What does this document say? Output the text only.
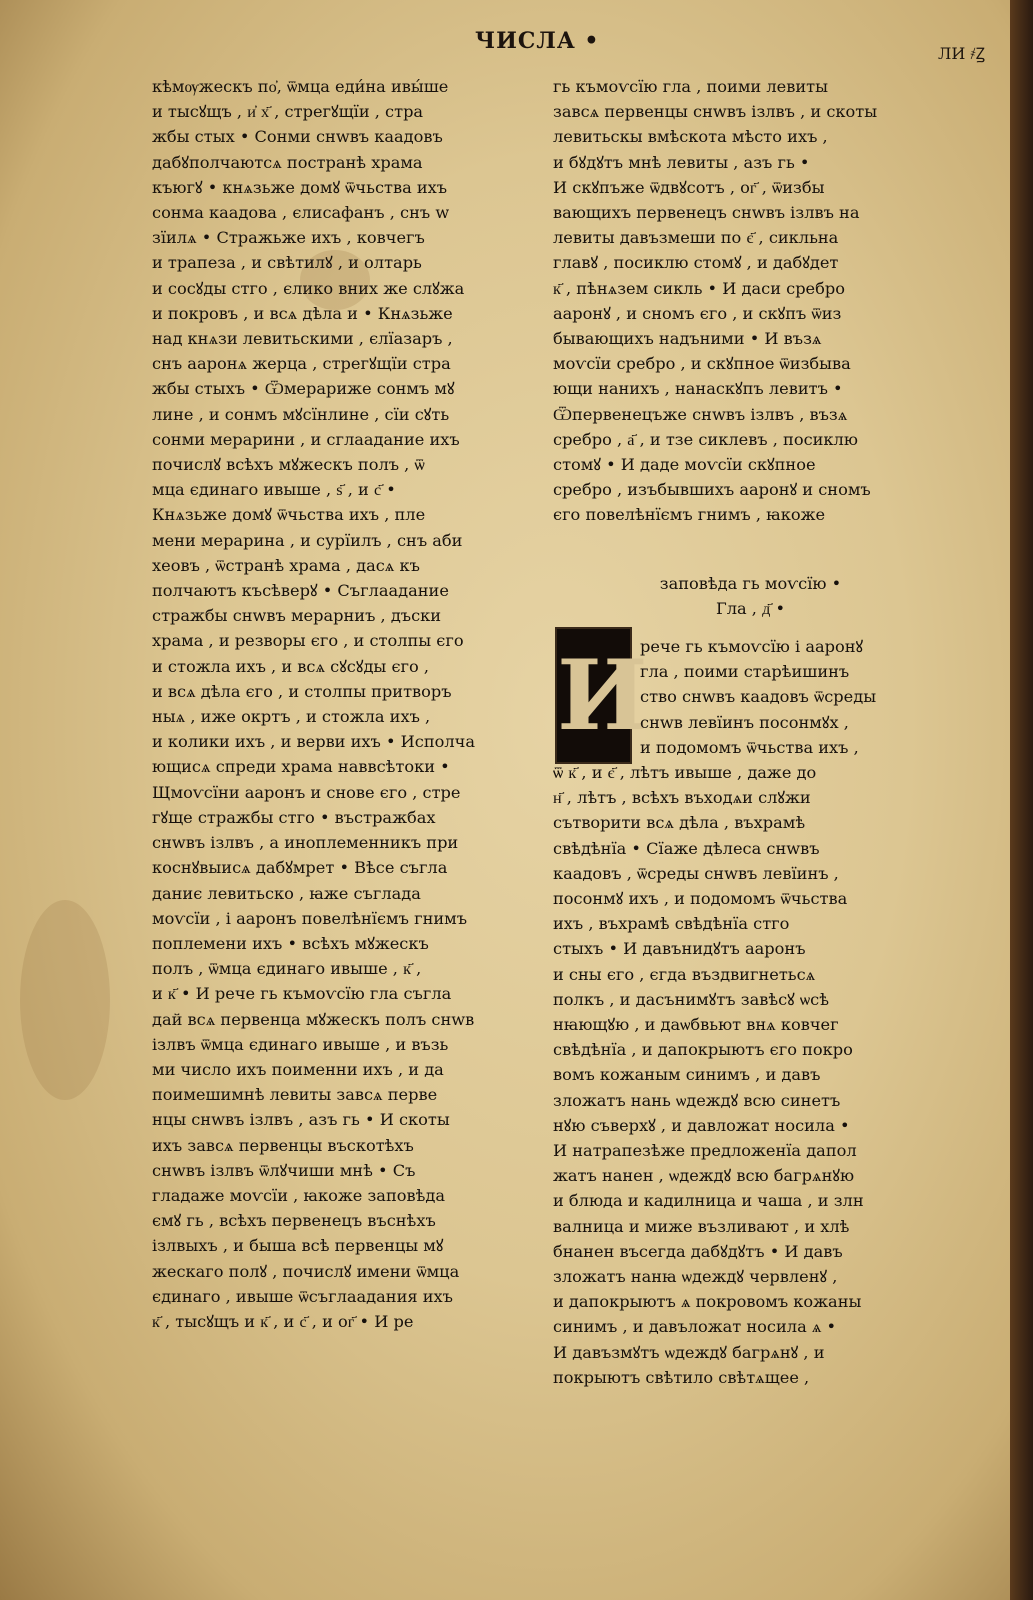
ЧИСЛА •	ЛИ ҂Ꙁ

кѣмѹжескъ по҆, ѿмца еди́на ивы́ше

и тысꙋщъ , и҆ х҃ , стрегꙋщїи , стра

жбы стых • Сонми снwвъ каадовъ

дабꙋполчаютсѧ постранѣ храма

къюгꙋ • кнѧзьже домꙋ ѿчьства ихъ

сонма каадова , єлисафанъ , снъ w

зїилѧ • Стражьже ихъ , ковчегъ

и трапеза , и свѣтилꙋ , и олтарь

и сосꙋды стго , єлико вних же слꙋжа

и покровъ , и всѧ дѣла и • Кнѧзьже

над кнѧзи левитьскими , єлїазаръ ,

снъ ааронѧ жерца , стрегꙋщїи стра

жбы стыхъ • Ѿмерариже сонмъ мꙋ

лине , и сонмъ мꙋсїнлине , сїи сꙋть

сонми мерарини , и сглаадание ихъ

почислꙋ всѣхъ мꙋжескъ полъ , ѿ

мца єдинаго ивыше , ѕ҃ , и с҃ •

Кнѧзьже домꙋ ѿчьства ихъ , пле

мени мерарина , и сурїилъ , снъ аби

хеовъ , ѿстранѣ храма , дасѧ къ

полчаютъ късѣверꙋ • Съглаадание

стражбы снwвъ мерарниъ , дъски

храма , и резворы єго , и столпы єго

и стожла ихъ , и всѧ сꙋсꙋды єго ,

и всѧ дѣла єго , и столпы притворъ

ныѧ , иже окртъ , и стожла ихъ ,

и колики ихъ , и верви ихъ • Исполча

ющисѧ спреди храма наввсѣтоки •

Щмоѵсїни ааронъ и снове єго , стре

гꙋще стражбы стго • въстражбах

снwвъ ізлвъ , а иноплеменникъ при

коснꙋвыисѧ дабꙋмрет • Вѣсе съгла

даниє левитьско , ꙗже съглада

моѵсїи , і ааронъ повелѣнїємъ гнимъ

поплемени ихъ • всѣхъ мꙋжескъ

полъ , ѿмца єдинаго ивыше , к҃ ,

и к҃ • И рече гь къмоѵсїю гла съгла

дай всѧ первенца мꙋжескъ полъ снwв

ізлвъ ѿмца єдинаго ивыше , и възь

ми число ихъ поименни ихъ , и да

поимешимнѣ левиты завсѧ перве

нцы снwвъ ізлвъ , азъ гь • И скоты

ихъ завсѧ первенцы въскотѣхъ

снwвъ ізлвъ ѿлꙋчиши мнѣ • Съ

гладаже моѵсїи , ꙗкоже заповѣда

ємꙋ гь , всѣхъ первенецъ въснѣхъ

ізлвыхъ , и быша всѣ первенцы мꙋ

жескаго полꙋ , почислꙋ имени ѿмца

єдинаго , ивыше ѿсъглаадания ихъ

к҃ , тысꙋщъ и к҃ , и с҃ , и ог҃ • И ре

гь къмоѵсїю гла , поими левиты

завсѧ первенцы снwвъ ізлвъ , и скоты

левитьскы вмѣскота мѣсто ихъ ,

и бꙋдꙋтъ мнѣ левиты , азъ гь •

И скꙋпъже ѿдвꙋсотъ , ог҃ , ѿизбы

вающихъ первенецъ снwвъ ізлвъ на

левиты давъзмеши по є҃ , сикльна

главꙋ , посиклю стомꙋ , и дабꙋдет

к҃ , пѣнѧзем сикль • И даси сребро

ааронꙋ , и сномъ єго , и скꙋпъ ѿиз

бывающихъ надъними • И възѧ

моѵсїи сребро , и скꙋпное ѿизбыва

ющи нанихъ , нанаскꙋпъ левитъ •

Ѿпервенецъже снwвъ ізлвъ , възѧ

сребро , а҃ , и тзе сиклевъ , посиклю

стомꙋ • И даде моѵсїи скꙋпное

сребро , изъбывшихъ ааронꙋ и сномъ

єго повелѣнїємъ гнимъ , ꙗкоже

заповѣда гь моѵсїю •

Гла , д҃ •

И

рече гь къмоѵсїю і ааронꙋ

гла , поими старѣишинъ

ство снwвъ каадовъ ѿсреды

снwв левїинъ посонмꙋх ,

и подомомъ ѿчьства ихъ ,

ѿ к҃ , и є҃ , лѣтъ ивыше , даже до

н҃ , лѣтъ , всѣхъ въходѧи слꙋжи

сътворити всѧ дѣла , въхрамѣ

свѣдѣнїа • Сїаже дѣлеса снwвъ

каадовъ , ѿсреды снwвъ левїинъ ,

посонмꙋ ихъ , и подомомъ ѿчьства

ихъ , въхрамѣ свѣдѣнїа стго

стыхъ • И давънидꙋтъ ааронъ

и сны єго , єгда въздвигнетьсѧ

полкъ , и дасънимꙋтъ завѣсꙋ ѡсѣ

нꙗющꙋю , и даѡбвьют внѧ ковчег

свѣдѣнїа , и дапокрыютъ єго покро

вомъ кожаным синимъ , и давъ

зложатъ нань ѡдеждꙋ всю синетъ

нꙋю съверхꙋ , и давложат носила •

И натрапезѣже предложенїа дапол

жатъ нанен , ѡдеждꙋ всю багрѧнꙋю

и блюда и кадилница и чаша , и злн

валница и миже възливают , и хлѣ

бнанен въсегда дабꙋдꙋтъ • И давъ

зложатъ нанꙗ ѡдеждꙋ червленꙋ ,

и дапокрыютъ ѧ покровомъ кожаны

синимъ , и давъложат носила ѧ •

И давъзмꙋтъ ѡдеждꙋ багрѧнꙋ , и

покрыютъ свѣтило свѣтѧщее ,
